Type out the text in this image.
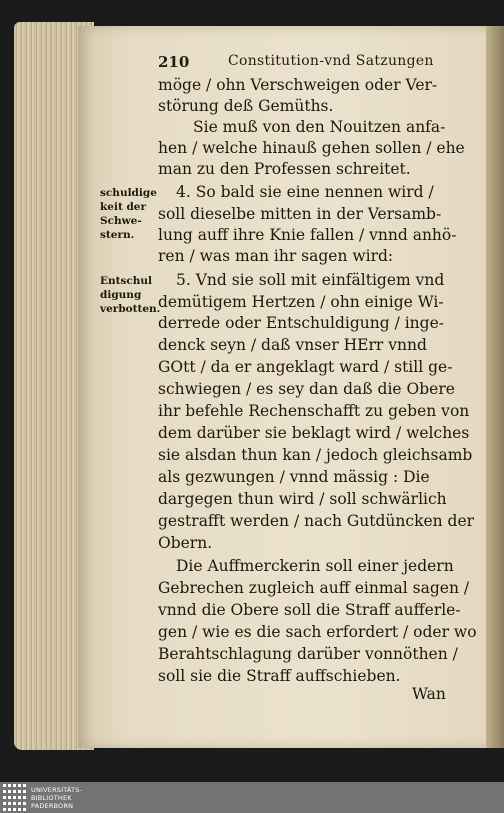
210	Constitution-vnd Satzungen
schuldige
keit der
Schwe-
stern.
Entschul
digung
verbotten.
möge / ohn Verschweigen oder Ver-
störung deß Gemüths.
Sie muß von den Nouitzen anfa-
hen / welche hinauß gehen sollen / ehe
man zu den Professen schreitet.
4. So bald sie eine nennen wird /
soll dieselbe mitten in der Versamb-
lung auff ihre Knie fallen / vnnd anhö-
ren / was man ihr sagen wird:
5. Vnd sie soll mit einfältigem vnd
demütigem Hertzen / ohn einige Wi-
derrede oder Entschuldigung / inge-
denck seyn / daß vnser HErr vnnd
GOtt / da er angeklagt ward / still ge-
schwiegen / es sey dan daß die Obere
ihr befehle Rechenschafft zu geben von
dem darüber sie beklagt wird / welches
sie alsdan thun kan / jedoch gleichsamb
als gezwungen / vnnd mässig : Die
dargegen thun wird / soll schwärlich
gestrafft werden / nach Gutdüncken der
Obern.
Die Auffmerckerin soll einer jedern
Gebrechen zugleich auff einmal sagen /
vnnd die Obere soll die Straff aufferle-
gen / wie es die sach erfordert / oder wo
Berahtschlagung darüber vonnöthen /
soll sie die Straff auffschieben.
Wan
UNIVERSITÄTS-
BIBLIOTHEK
PADERBORN
